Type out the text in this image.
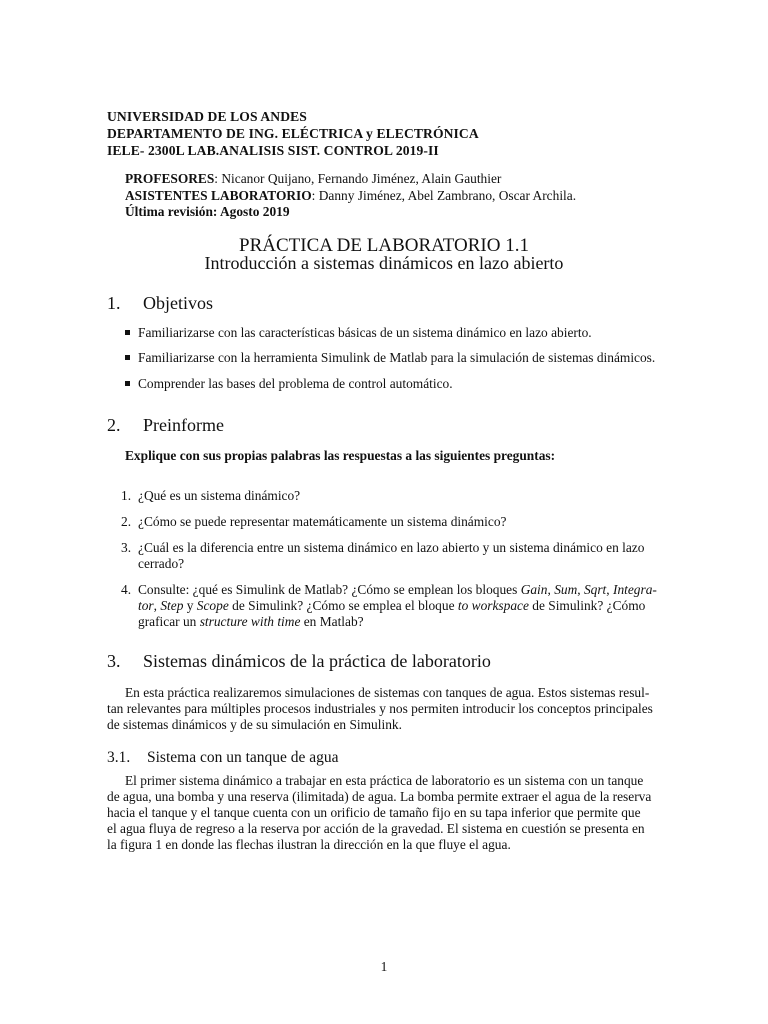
UNIVERSIDAD DE LOS ANDES
DEPARTAMENTO DE ING. ELÉCTRICA y ELECTRÓNICA
IELE- 2300L LAB.ANALISIS SIST. CONTROL 2019-II
PROFESORES: Nicanor Quijano, Fernando Jiménez, Alain Gauthier
ASISTENTES LABORATORIO: Danny Jiménez, Abel Zambrano, Oscar Archila.
Última revisión: Agosto 2019
PRÁCTICA DE LABORATORIO 1.1
Introducción a sistemas dinámicos en lazo abierto
1. Objetivos
Familiarizarse con las características básicas de un sistema dinámico en lazo abierto.
Familiarizarse con la herramienta Simulink de Matlab para la simulación de sistemas dinámicos.
Comprender las bases del problema de control automático.
2. Preinforme
Explique con sus propias palabras las respuestas a las siguientes preguntas:
1. ¿Qué es un sistema dinámico?
2. ¿Cómo se puede representar matemáticamente un sistema dinámico?
3. ¿Cuál es la diferencia entre un sistema dinámico en lazo abierto y un sistema dinámico en lazo
cerrado?
4. Consulte: ¿qué es Simulink de Matlab? ¿Cómo se emplean los bloques Gain, Sum, Sqrt, Integra-
tor, Step y Scope de Simulink? ¿Cómo se emplea el bloque to workspace de Simulink? ¿Cómo
graficar un structure with time en Matlab?
3. Sistemas dinámicos de la práctica de laboratorio
En esta práctica realizaremos simulaciones de sistemas con tanques de agua. Estos sistemas resul-
tan relevantes para múltiples procesos industriales y nos permiten introducir los conceptos principales
de sistemas dinámicos y de su simulación en Simulink.
3.1. Sistema con un tanque de agua
El primer sistema dinámico a trabajar en esta práctica de laboratorio es un sistema con un tanque
de agua, una bomba y una reserva (ilimitada) de agua. La bomba permite extraer el agua de la reserva
hacia el tanque y el tanque cuenta con un orificio de tamaño fijo en su tapa inferior que permite que
el agua fluya de regreso a la reserva por acción de la gravedad. El sistema en cuestión se presenta en
la figura 1 en donde las flechas ilustran la dirección en la que fluye el agua.
1
